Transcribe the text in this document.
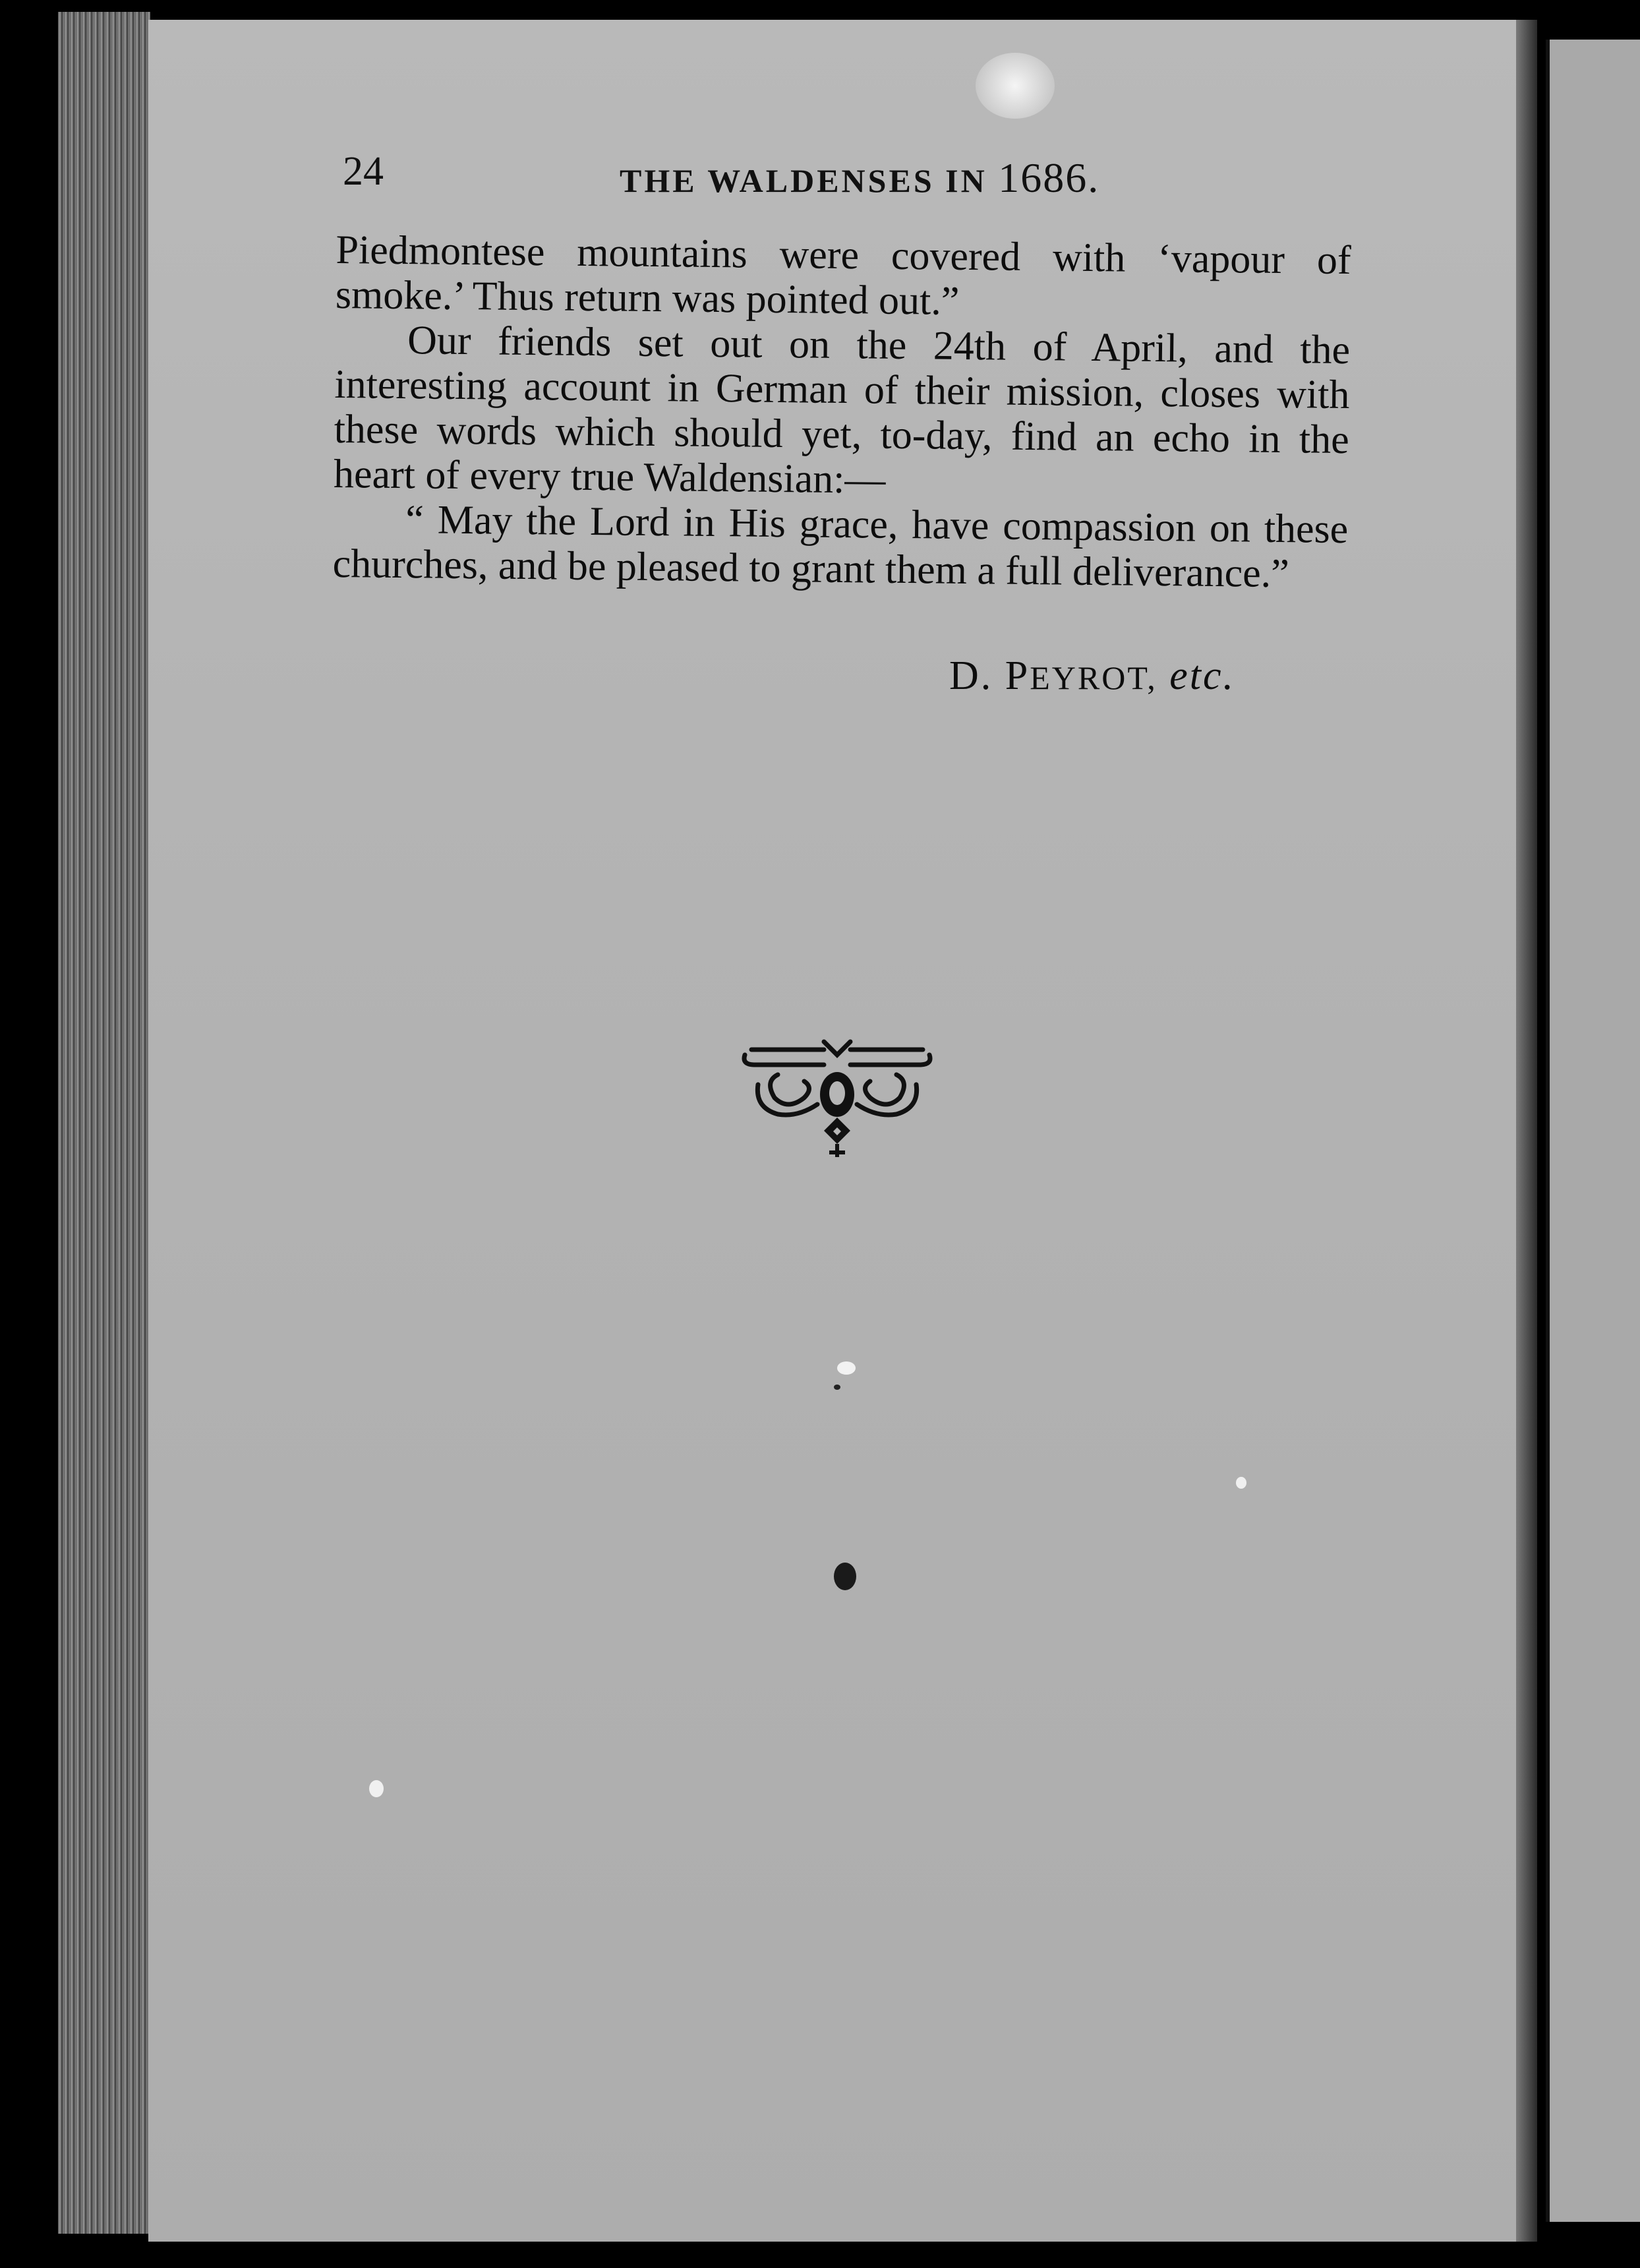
24	THE WALDENSES IN 1686.

Piedmontese mountains were covered with ‘vapour of smoke.’ Thus return was pointed out.”

Our friends set out on the 24th of April, and the interesting account in German of their mission, closes with these words which should yet, to-day, find an echo in the heart of every true Waldensian:—

“ May the Lord in His grace, have compassion on these churches, and be pleased to grant them a full deliverance.”

D. PEYROT, etc.
